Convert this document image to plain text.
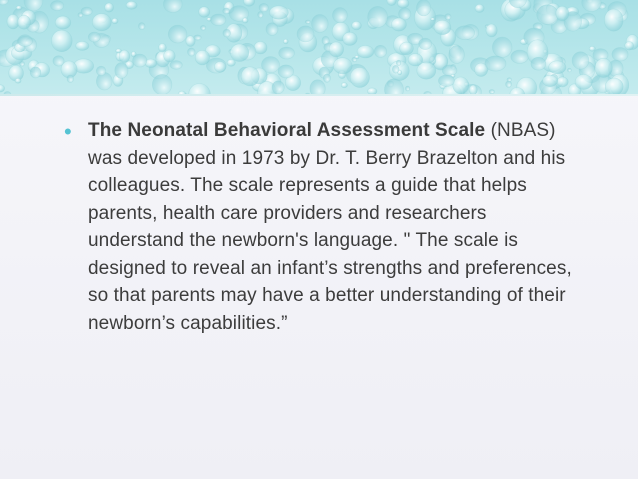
• The Neonatal Behavioral Assessment Scale (NBAS) was developed in 1973 by Dr. T. Berry Brazelton and his colleagues. The scale represents a guide that helps parents, health care providers and researchers understand the newborn's language. " The scale is designed to reveal an infant’s strengths and preferences, so that parents may have a better understanding of their newborn’s capabilities.”
